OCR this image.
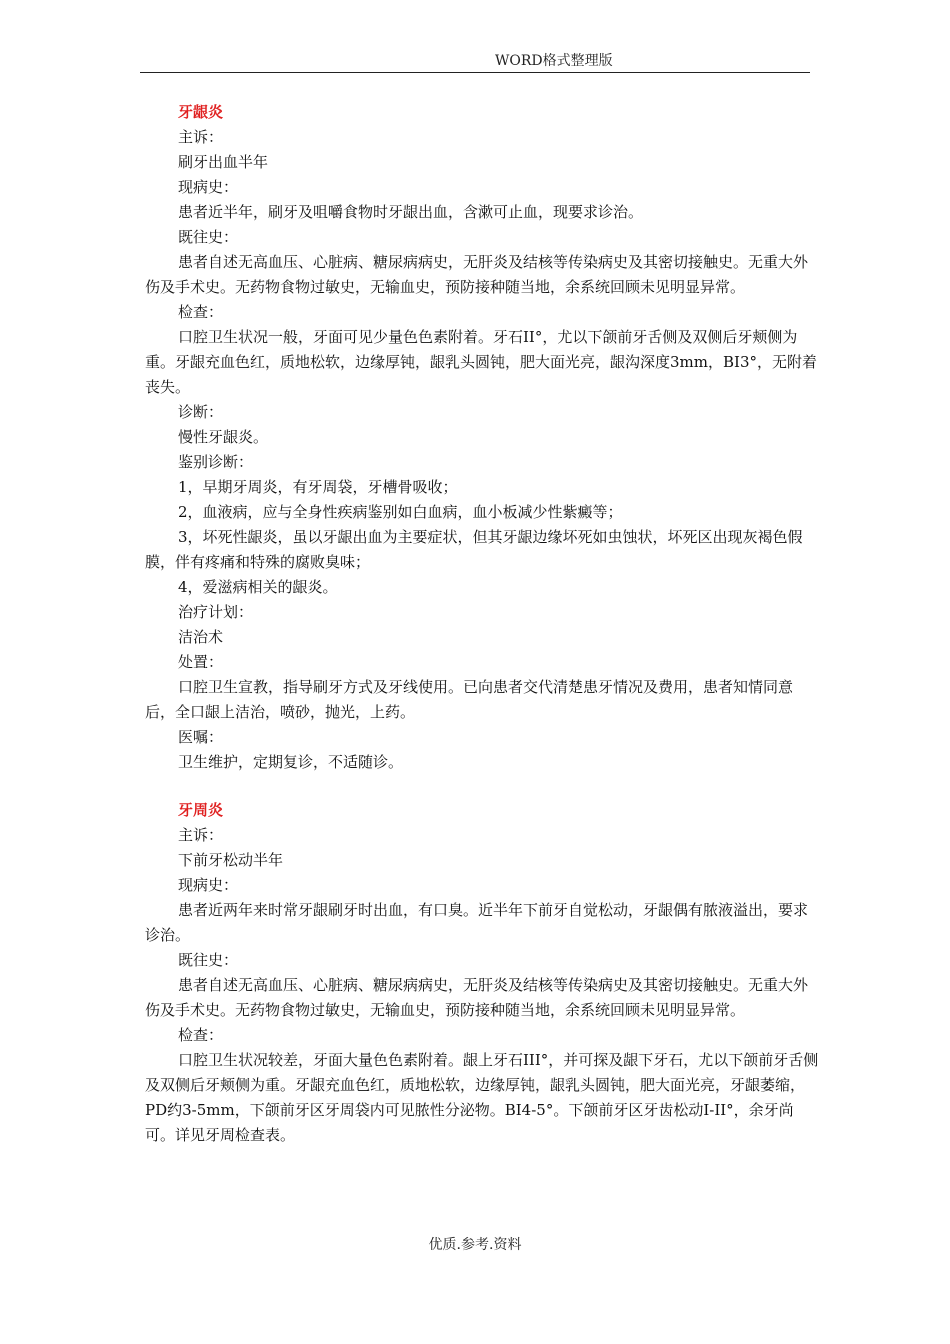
WORD格式整理版

牙龈炎

主诉：

刷牙出血半年

现病史：

患者近半年，刷牙及咀嚼食物时牙龈出血，含漱可止血，现要求诊治。

既往史：

患者自述无高血压、心脏病、糖尿病病史，无肝炎及结核等传染病史及其密切接触史。无重大外伤及手术史。无药物食物过敏史，无输血史，预防接种随当地，余系统回顾未见明显异常。

检查：

口腔卫生状况一般，牙面可见少量色色素附着。牙石II°，尤以下颌前牙舌侧及双侧后牙颊侧为重。牙龈充血色红，质地松软，边缘厚钝，龈乳头圆钝，肥大面光亮，龈沟深度3mm，BI3°，无附着丧失。

诊断：

慢性牙龈炎。

鉴别诊断：

1，早期牙周炎，有牙周袋，牙槽骨吸收；

2，血液病，应与全身性疾病鉴别如白血病，血小板减少性紫癜等；

3，坏死性龈炎，虽以牙龈出血为主要症状，但其牙龈边缘坏死如虫蚀状，坏死区出现灰褐色假膜，伴有疼痛和特殊的腐败臭味；

4，爱滋病相关的龈炎。

治疗计划：

洁治术

处置：

口腔卫生宣教，指导刷牙方式及牙线使用。已向患者交代清楚患牙情况及费用，患者知情同意后，全口龈上洁治，喷砂，抛光，上药。

医嘱：

卫生维护，定期复诊，不适随诊。

牙周炎

主诉：

下前牙松动半年

现病史：

患者近两年来时常牙龈刷牙时出血，有口臭。近半年下前牙自觉松动，牙龈偶有脓液溢出，要求诊治。

既往史：

患者自述无高血压、心脏病、糖尿病病史，无肝炎及结核等传染病史及其密切接触史。无重大外伤及手术史。无药物食物过敏史，无输血史，预防接种随当地，余系统回顾未见明显异常。

检查：

口腔卫生状况较差，牙面大量色色素附着。龈上牙石III°，并可探及龈下牙石，尤以下颌前牙舌侧及双侧后牙颊侧为重。牙龈充血色红，质地松软，边缘厚钝，龈乳头圆钝，肥大面光亮，牙龈萎缩，PD约3-5mm，下颌前牙区牙周袋内可见脓性分泌物。BI4-5°。下颌前牙区牙齿松动I-II°，余牙尚可。详见牙周检查表。

优质.参考.资料
